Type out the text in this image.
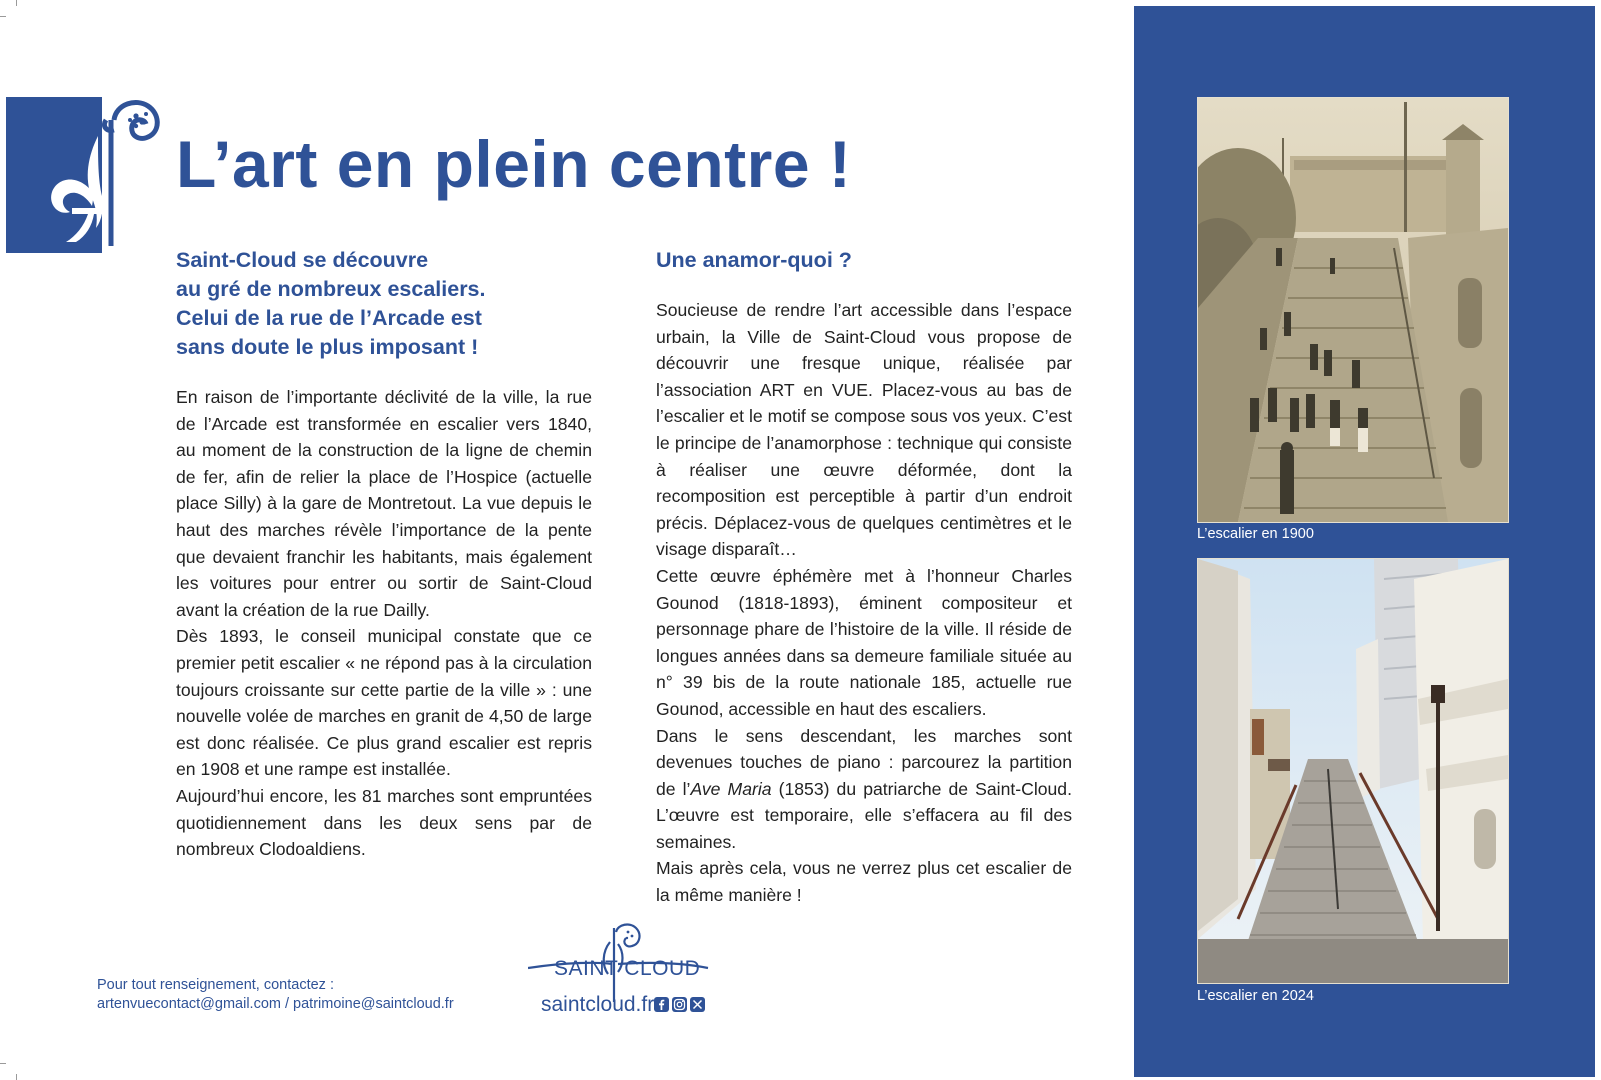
L’art en plein centre !

Saint-Cloud se découvre
au gré de nombreux escaliers.
Celui de la rue de l’Arcade est
sans doute le plus imposant !

En raison de l’importante déclivité de la ville, la rue de l’Arcade est transformée en escalier vers 1840, au moment de la construction de la ligne de chemin de fer, afin de relier la place de l’Hospice (actuelle place Silly) à la gare de Montretout. La vue depuis le haut des marches révèle l’importance de la pente que devaient franchir les habitants, mais également les voitures pour entrer ou sortir de Saint-Cloud avant la création de la rue Dailly.

Dès 1893, le conseil municipal constate que ce premier petit escalier « ne répond pas à la circulation toujours croissante sur cette partie de la ville » : une nouvelle volée de marches en granit de 4,50 de large est donc réalisée. Ce plus grand escalier est repris en 1908 et une rampe est installée.

Aujourd’hui encore, les 81 marches sont empruntées quotidiennement dans les deux sens par de nombreux Clodoaldiens.

Une anamor-quoi ?

Soucieuse de rendre l’art accessible dans l’espace urbain, la Ville de Saint-Cloud vous propose de découvrir une fresque unique, réalisée par l’association ART en VUE. Placez-vous au bas de l’escalier et le motif se compose sous vos yeux. C’est le principe de l’anamorphose : technique qui consiste à réaliser une œuvre déformée, dont la recomposition est perceptible à partir d’un endroit précis. Déplacez-vous de quelques centimètres et le visage disparaît…

Cette œuvre éphémère met à l’honneur Charles Gounod (1818-1893), éminent compositeur et personnage phare de l’histoire de la ville. Il réside de longues années dans sa demeure familiale située au n° 39 bis de la route nationale 185, actuelle rue Gounod, accessible en haut des escaliers.

Dans le sens descendant, les marches sont devenues touches de piano : parcourez la partition de l’Ave Maria (1853) du patriarche de Saint-Cloud. L’œuvre est temporaire, elle s’effacera au fil des semaines.

Mais après cela, vous ne verrez plus cet escalier de la même manière !

Pour tout renseignement, contactez :
artenvuecontact@gmail.com / patrimoine@saintcloud.fr
SAINT CLOUD
saintcloud.fr
L’escalier en 1900
L’escalier en 2024
